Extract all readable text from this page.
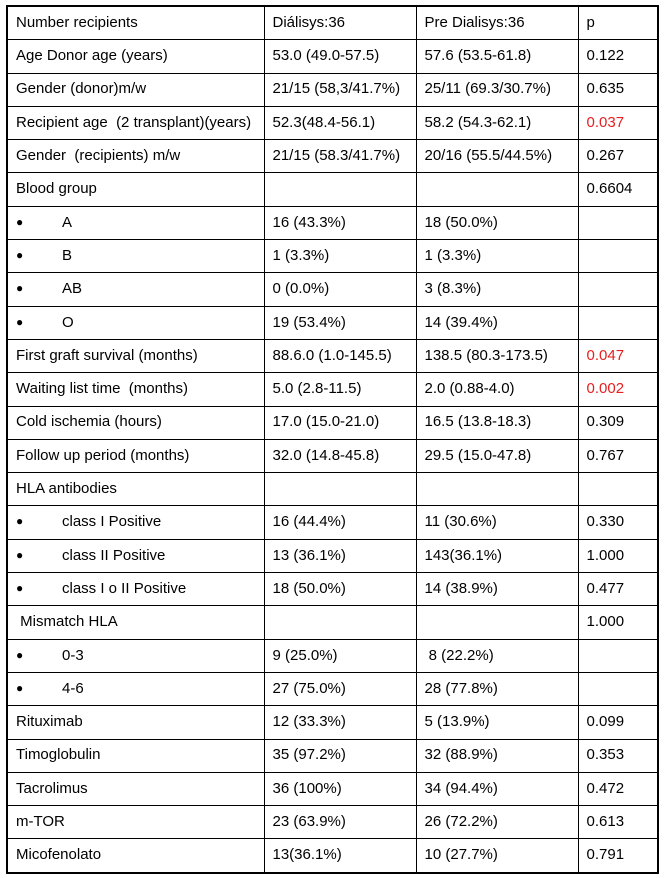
Number recipients	Diálisys:36	Pre Dialisys:36	p
Age Donor age (years)	53.0 (49.0-57.5)	57.6 (53.5-61.8)	0.122
Gender (donor)m/w	21/15 (58,3/41.7%)	25/11 (69.3/30.7%)	0.635
Recipient age  (2 transplant)(years)	52.3(48.4-56.1)	58.2 (54.3-62.1)	0.037
Gender  (recipients) m/w	21/15 (58.3/41.7%)	20/16 (55.5/44.5%)	0.267
Blood group			0.6604
● A	16 (43.3%)	18 (50.0%)	
● B	1 (3.3%)	1 (3.3%)	
● AB	0 (0.0%)	3 (8.3%)	
● O	19 (53.4%)	14 (39.4%)	
First graft survival (months)	88.6.0 (1.0-145.5)	138.5 (80.3-173.5)	0.047
Waiting list time  (months)	5.0 (2.8-11.5)	2.0 (0.88-4.0)	0.002
Cold ischemia (hours)	17.0 (15.0-21.0)	16.5 (13.8-18.3)	0.309
Follow up period (months)	32.0 (14.8-45.8)	29.5 (15.0-47.8)	0.767
HLA antibodies			
● class I Positive	16 (44.4%)	11 (30.6%)	0.330
● class II Positive	13 (36.1%)	143(36.1%)	1.000
● class I o II Positive	18 (50.0%)	14 (38.9%)	0.477
Mismatch HLA			1.000
● 0-3	9 (25.0%)	8 (22.2%)	
● 4-6	27 (75.0%)	28 (77.8%)	
Rituximab	12 (33.3%)	5 (13.9%)	0.099
Timoglobulin	35 (97.2%)	32 (88.9%)	0.353
Tacrolimus	36 (100%)	34 (94.4%)	0.472
m-TOR	23 (63.9%)	26 (72.2%)	0.613
Micofenolato	13(36.1%)	10 (27.7%)	0.791
